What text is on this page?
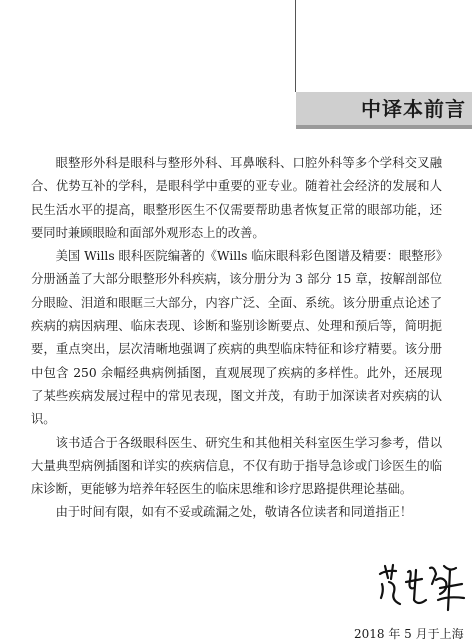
中译本前言

眼整形外科是眼科与整形外科、耳鼻喉科、口腔外科等多个学科交叉融合、优势互补的学科，是眼科学中重要的亚专业。随着社会经济的发展和人民生活水平的提高，眼整形医生不仅需要帮助患者恢复正常的眼部功能，还要同时兼顾眼睑和面部外观形态上的改善。

美国 Wills 眼科医院编著的《Wills 临床眼科彩色图谱及精要：眼整形》分册涵盖了大部分眼整形外科疾病，该分册分为 3 部分 15 章，按解剖部位分眼睑、泪道和眼眶三大部分，内容广泛、全面、系统。该分册重点论述了疾病的病因病理、临床表现、诊断和鉴别诊断要点、处理和预后等，简明扼要，重点突出，层次清晰地强调了疾病的典型临床特征和诊疗精要。该分册中包含 250 余幅经典病例插图，直观展现了疾病的多样性。此外，还展现了某些疾病发展过程中的常见表现，图文并茂，有助于加深读者对疾病的认识。

该书适合于各级眼科医生、研究生和其他相关科室医生学习参考，借以大量典型病例插图和详实的疾病信息，不仅有助于指导急诊或门诊医生的临床诊断，更能够为培养年轻医生的临床思维和诊疗思路提供理论基础。

由于时间有限，如有不妥或疏漏之处，敬请各位读者和同道指正！

2018 年 5 月于上海
